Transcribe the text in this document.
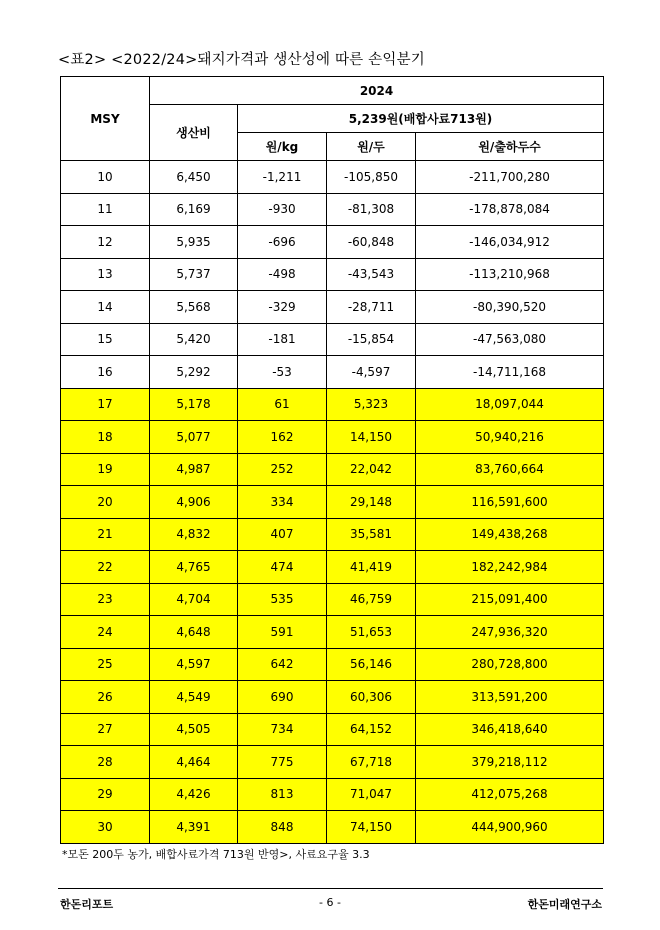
<표2> <2022/24>돼지가격과 생산성에 따른 손익분기
MSY	2024			
	생산비	5,239원(배합사료713원)		
		원/kg	원/두	원/출하두수
10	6,450	-1,211	-105,850	-211,700,280
11	6,169	-930	-81,308	-178,878,084
12	5,935	-696	-60,848	-146,034,912
13	5,737	-498	-43,543	-113,210,968
14	5,568	-329	-28,711	-80,390,520
15	5,420	-181	-15,854	-47,563,080
16	5,292	-53	-4,597	-14,711,168
17	5,178	61	5,323	18,097,044
18	5,077	162	14,150	50,940,216
19	4,987	252	22,042	83,760,664
20	4,906	334	29,148	116,591,600
21	4,832	407	35,581	149,438,268
22	4,765	474	41,419	182,242,984
23	4,704	535	46,759	215,091,400
24	4,648	591	51,653	247,936,320
25	4,597	642	56,146	280,728,800
26	4,549	690	60,306	313,591,200
27	4,505	734	64,152	346,418,640
28	4,464	775	67,718	379,218,112
29	4,426	813	71,047	412,075,268
30	4,391	848	74,150	444,900,960
*모돈 200두 농가, 배합사료가격 713원 반영>, 사료요구율 3.3
한돈리포트	- 6 -	한돈미래연구소
